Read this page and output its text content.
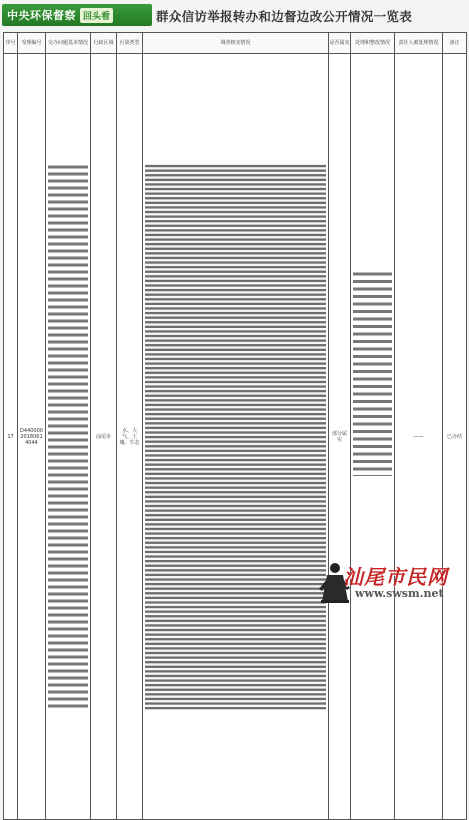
中央环保督察 回头看	群众信访举报转办和边督边改公开情况一览表
序号	受理编号	交办问题基本情况	行政区域	污染类型	调查核实情况	是否属实	处理和整改情况	责任人被处理情况	备注

17	D44000020180614044		汕尾市	水、大气、土壤、生态		部分属实		——	已办结
汕尾市民网
www.swsm.net
